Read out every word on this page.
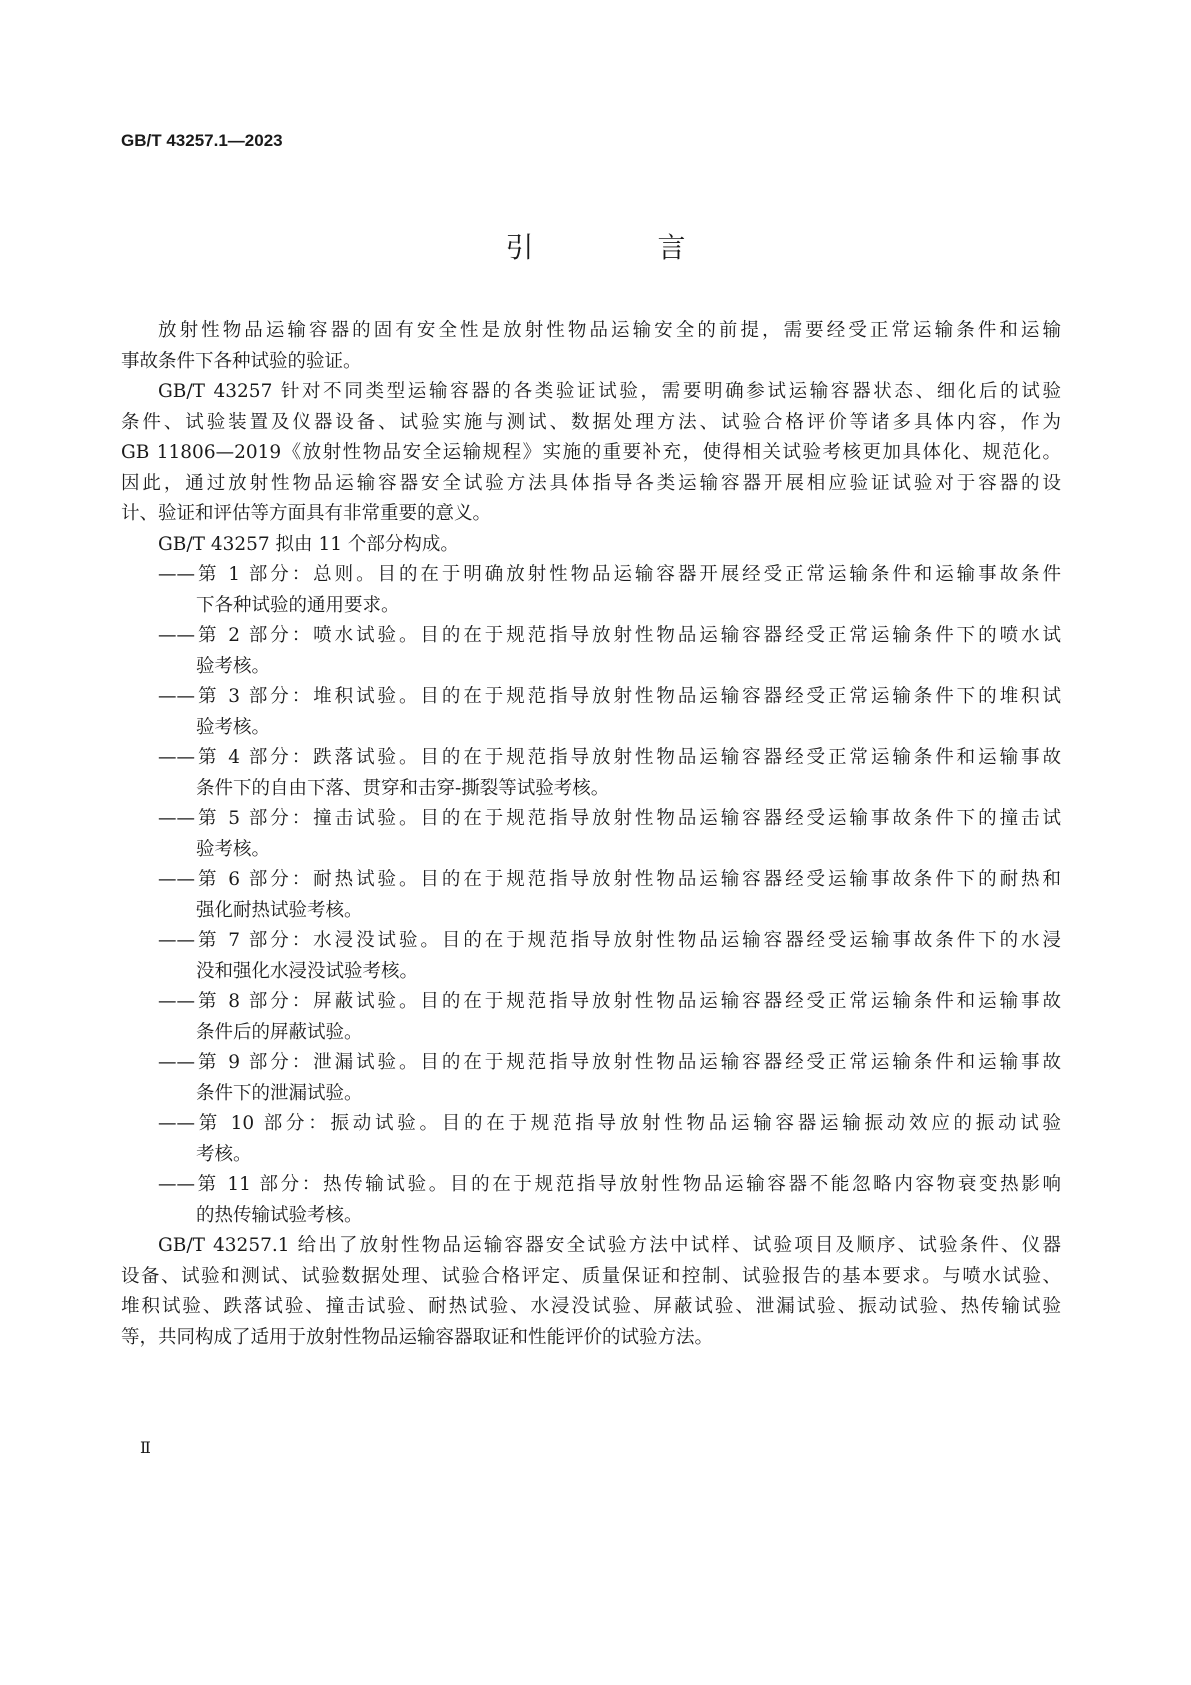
GB/T 43257.1—2023
引　言
放射性物品运输容器的固有安全性是放射性物品运输安全的前提，需要经受正常运输条件和运输
事故条件下各种试验的验证。
GB/T 43257 针对不同类型运输容器的各类验证试验，需要明确参试运输容器状态、细化后的试验
条件、试验装置及仪器设备、试验实施与测试、数据处理方法、试验合格评价等诸多具体内容，作为
GB 11806—2019《放射性物品安全运输规程》实施的重要补充，使得相关试验考核更加具体化、规范化。
因此，通过放射性物品运输容器安全试验方法具体指导各类运输容器开展相应验证试验对于容器的设
计、验证和评估等方面具有非常重要的意义。
GB/T 43257 拟由 11 个部分构成。
——第 1 部分：总则。目的在于明确放射性物品运输容器开展经受正常运输条件和运输事故条件
下各种试验的通用要求。
——第 2 部分：喷水试验。目的在于规范指导放射性物品运输容器经受正常运输条件下的喷水试
验考核。
——第 3 部分：堆积试验。目的在于规范指导放射性物品运输容器经受正常运输条件下的堆积试
验考核。
——第 4 部分：跌落试验。目的在于规范指导放射性物品运输容器经受正常运输条件和运输事故
条件下的自由下落、贯穿和击穿-撕裂等试验考核。
——第 5 部分：撞击试验。目的在于规范指导放射性物品运输容器经受运输事故条件下的撞击试
验考核。
——第 6 部分：耐热试验。目的在于规范指导放射性物品运输容器经受运输事故条件下的耐热和
强化耐热试验考核。
——第 7 部分：水浸没试验。目的在于规范指导放射性物品运输容器经受运输事故条件下的水浸
没和强化水浸没试验考核。
——第 8 部分：屏蔽试验。目的在于规范指导放射性物品运输容器经受正常运输条件和运输事故
条件后的屏蔽试验。
——第 9 部分：泄漏试验。目的在于规范指导放射性物品运输容器经受正常运输条件和运输事故
条件下的泄漏试验。
——第 10 部分：振动试验。目的在于规范指导放射性物品运输容器运输振动效应的振动试验
考核。
——第 11 部分：热传输试验。目的在于规范指导放射性物品运输容器不能忽略内容物衰变热影响
的热传输试验考核。
GB/T 43257.1 给出了放射性物品运输容器安全试验方法中试样、试验项目及顺序、试验条件、仪器
设备、试验和测试、试验数据处理、试验合格评定、质量保证和控制、试验报告的基本要求。与喷水试验、
堆积试验、跌落试验、撞击试验、耐热试验、水浸没试验、屏蔽试验、泄漏试验、振动试验、热传输试验
等，共同构成了适用于放射性物品运输容器取证和性能评价的试验方法。
Ⅱ
